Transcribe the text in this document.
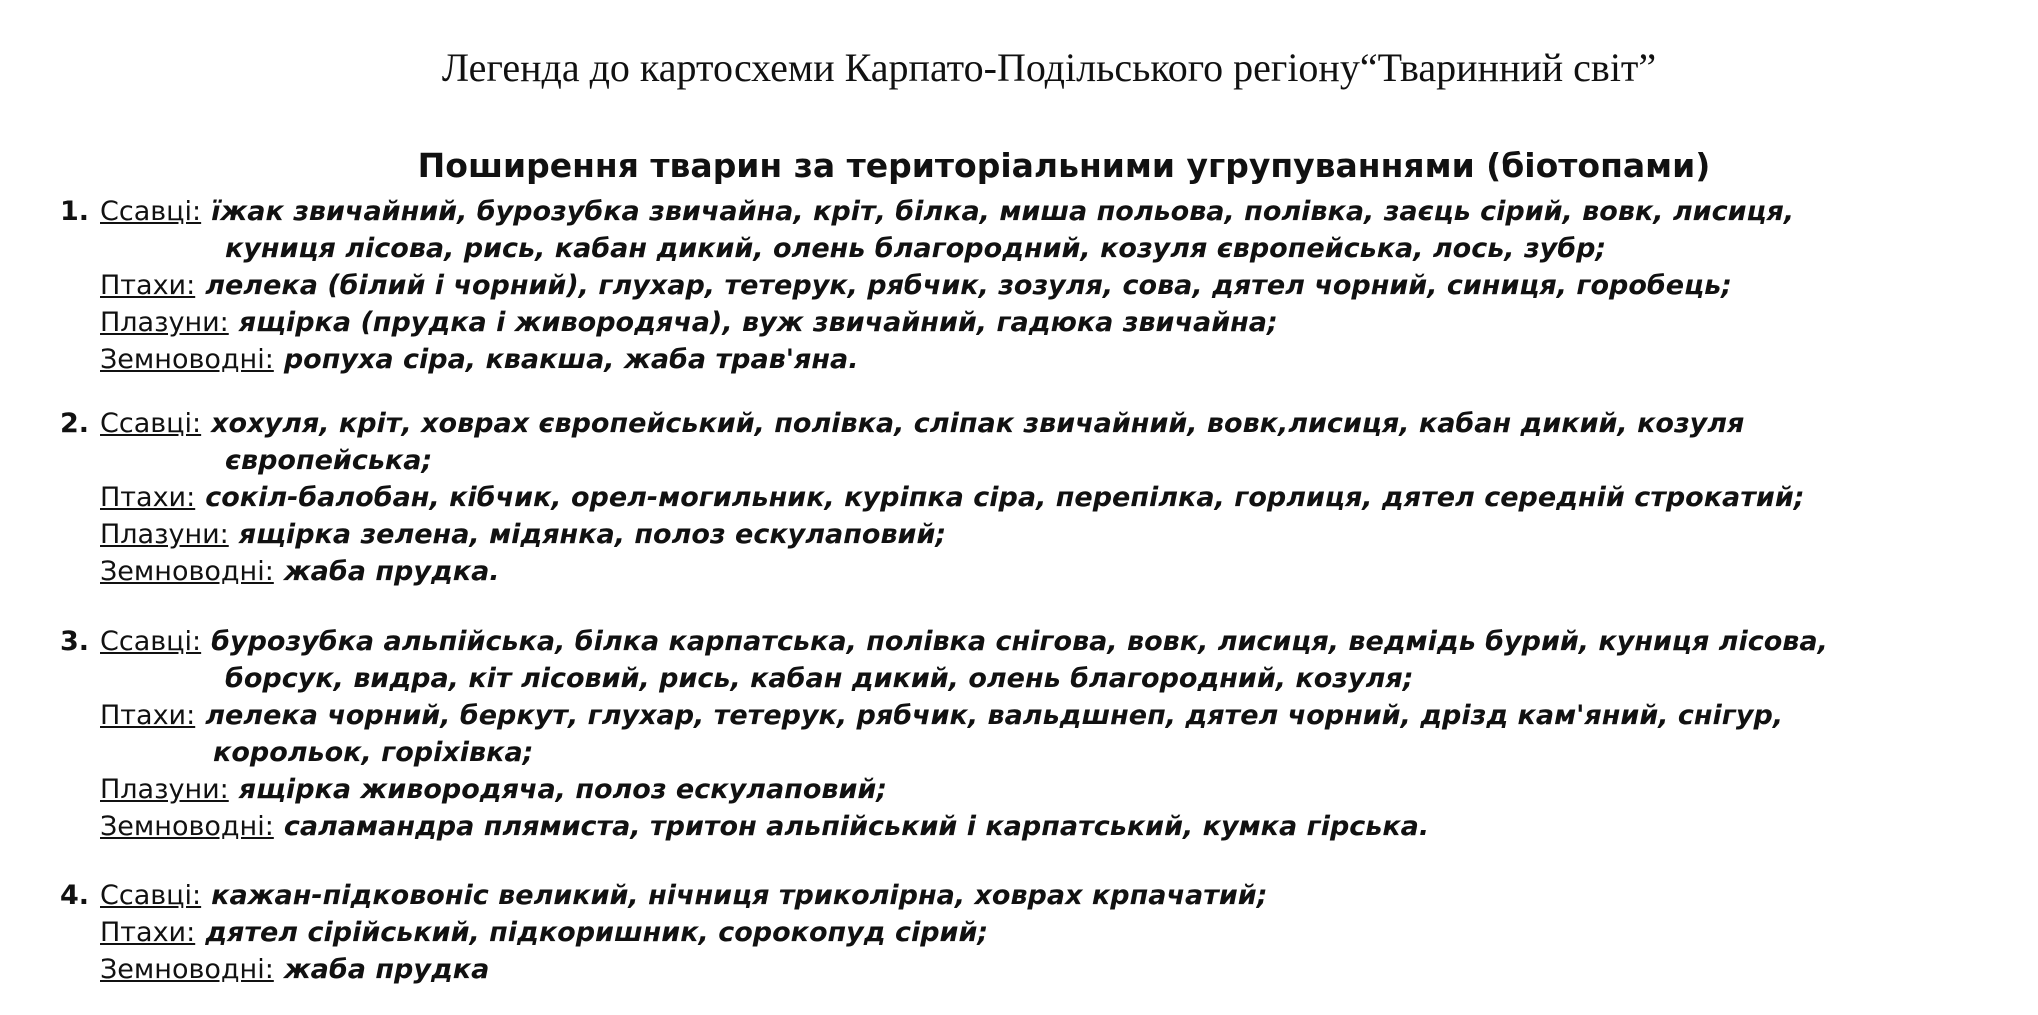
Легенда до картосхеми Карпато-Подільського регіону“Тваринний світ”
Поширення тварин за територіальними угрупуваннями (біотопами)
1. Ссавці: їжак звичайний, бурозубка звичайна, кріт, білка, миша польова, полівка, заєць сірий, вовк, лисиця,
куниця лісова, рись, кабан дикий, олень благородний, козуля європейська, лось, зубр;
Птахи: лелека (білий і чорний), глухар, тетерук, рябчик, зозуля, сова, дятел чорний, синиця, горобець;
Плазуни: ящірка (прудка і живородяча), вуж звичайний, гадюка звичайна;
Земноводні: ропуха сіра, квакша, жаба трав'яна.
2. Ссавці: хохуля, кріт, ховрах європейський, полівка, сліпак звичайний, вовк,лисиця, кабан дикий, козуля
європейська;
Птахи: сокіл-балобан, кібчик, орел-могильник, курiпка сіра, перепілка, горлиця, дятел середній строкатий;
Плазуни: ящірка зелена, мідянка, полоз ескулаповий;
Земноводні: жаба прудка.
3. Ссавці: бурозубка альпійська, білка карпатська, полівка снігова, вовк, лисиця, ведмідь бурий, куниця лісова,
борсук, видра, кіт лісовий, рись, кабан дикий, олень благородний, козуля;
Птахи: лелека чорний, беркут, глухар, тетерук, рябчик, вальдшнеп, дятел чорний, дрізд кам'яний, снігур,
корольок, горіхівка;
Плазуни: ящірка живородяча, полоз ескулаповий;
Земноводні: саламандра плямиста, тритон альпійський і карпатський, кумка гірська.
4. Ссавці: кажан-підковоніс великий, нічниця триколірна, ховрах крпачатий;
Птахи: дятел сірійський, підкоришник, сорокопуд сірий;
Земноводні: жаба прудка
